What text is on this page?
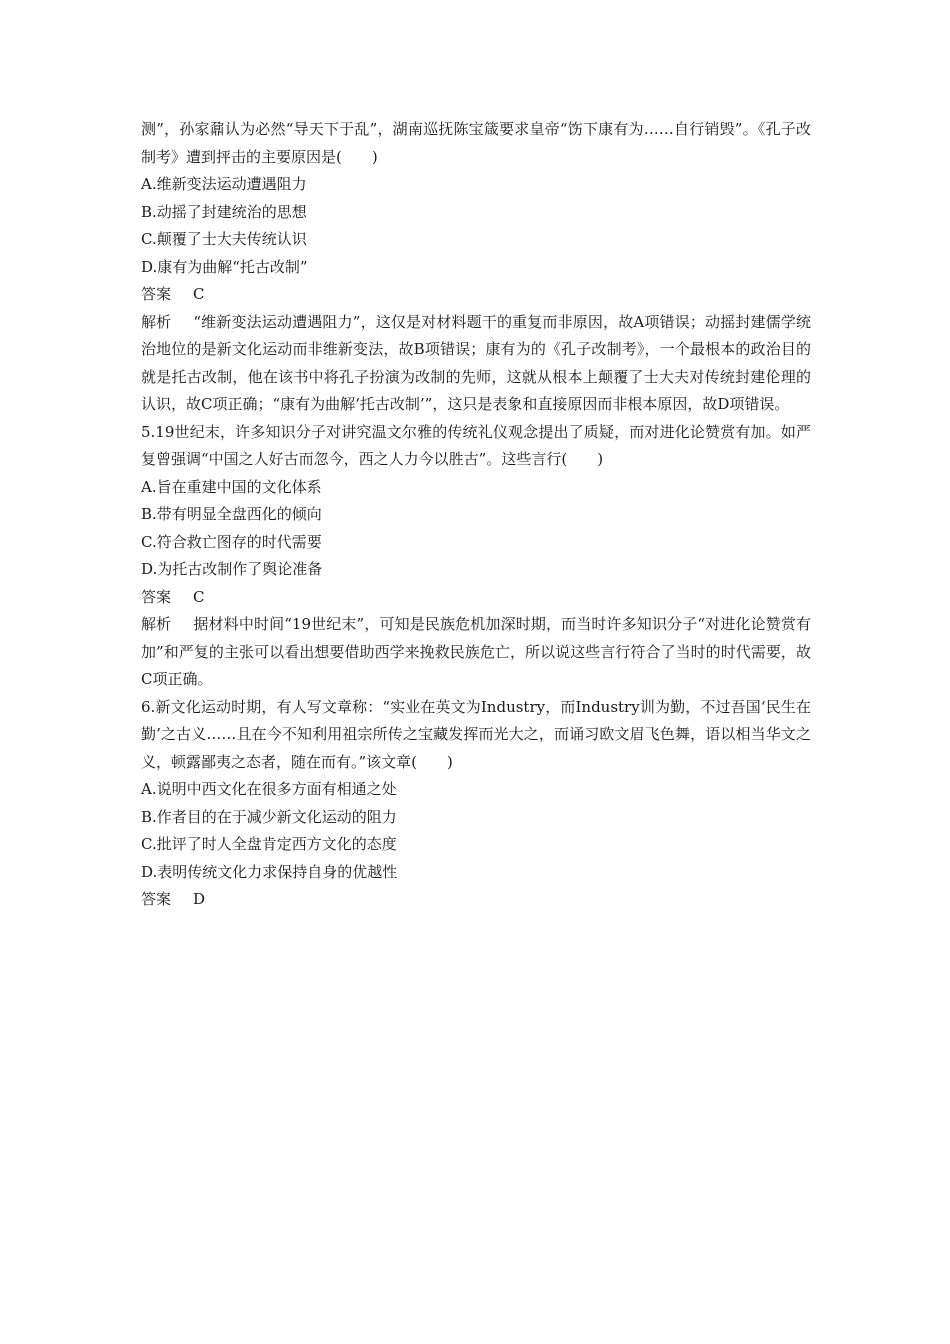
测”，孙家鼐认为必然“导天下于乱”，湖南巡抚陈宝箴要求皇帝“饬下康有为……自行销毁”。《孔子改制考》遭到抨击的主要原因是(　　)

A.维新变法运动遭遇阻力

B.动摇了封建统治的思想

C.颠覆了士大夫传统认识

D.康有为曲解“托古改制”

答案 C

解析 “维新变法运动遭遇阻力”，这仅是对材料题干的重复而非原因，故A项错误；动摇封建儒学统治地位的是新文化运动而非维新变法，故B项错误；康有为的《孔子改制考》，一个最根本的政治目的就是托古改制，他在该书中将孔子扮演为改制的先师，这就从根本上颠覆了士大夫对传统封建伦理的认识，故C项正确；“康有为曲解‘托古改制’”，这只是表象和直接原因而非根本原因，故D项错误。

5.19世纪末，许多知识分子对讲究温文尔雅的传统礼仪观念提出了质疑，而对进化论赞赏有加。如严复曾强调“中国之人好古而忽今，西之人力今以胜古”。这些言行(　　)

A.旨在重建中国的文化体系

B.带有明显全盘西化的倾向

C.符合救亡图存的时代需要

D.为托古改制作了舆论准备

答案 C

解析 据材料中时间“19世纪末”，可知是民族危机加深时期，而当时许多知识分子“对进化论赞赏有加”和严复的主张可以看出想要借助西学来挽救民族危亡，所以说这些言行符合了当时的时代需要，故C项正确。

6.新文化运动时期，有人写文章称：“实业在英文为Industry，而Industry训为勤，不过吾国‘民生在勤’之古义……且在今不知利用祖宗所传之宝藏发挥而光大之，而诵习欧文眉飞色舞，语以相当华文之义，顿露鄙夷之态者，随在而有。”该文章(　　)

A.说明中西文化在很多方面有相通之处

B.作者目的在于减少新文化运动的阻力

C.批评了时人全盘肯定西方文化的态度

D.表明传统文化力求保持自身的优越性

答案 D
